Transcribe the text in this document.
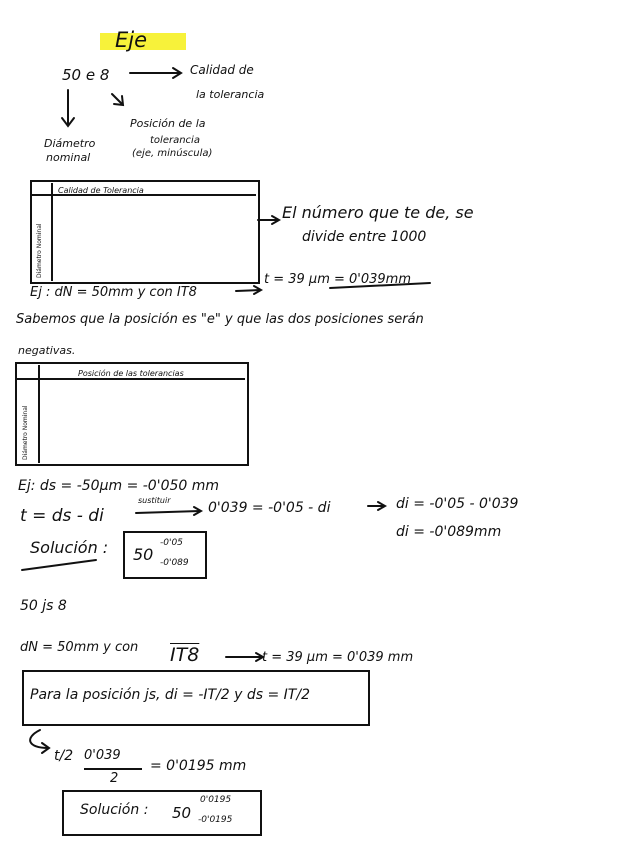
Eje
50 e 8	Calidad de
la tolerancia
Posición de la
tolerancia
(eje, minúscula)
Diámetro
nominal
Calidad de Tolerancia
Diámetro Nominal
El número que te de, se
divide entre 1000
Ej : dN = 50mm y con IT8
t = 39 µm = 0'039mm
Sabemos que la posición es "e" y que las dos posiciones serán
negativas.
Posición de las tolerancias
Diámetro Nominal
Ej: ds = -50µm = -0'050 mm
t = ds - di
sustituir	0'039 = -0'05 - di	di = -0'05 - 0'039
di = -0'089mm
Solución : 50
-0'05
-0'089
50 js 8
dN = 50mm y con IT8	t = 39 µm = 0'039 mm
Para la posición js, di = -IT/2 y ds = IT/2
t/2 0'039
2
= 0'0195 mm
Solución : 50
0'0195
-0'0195
